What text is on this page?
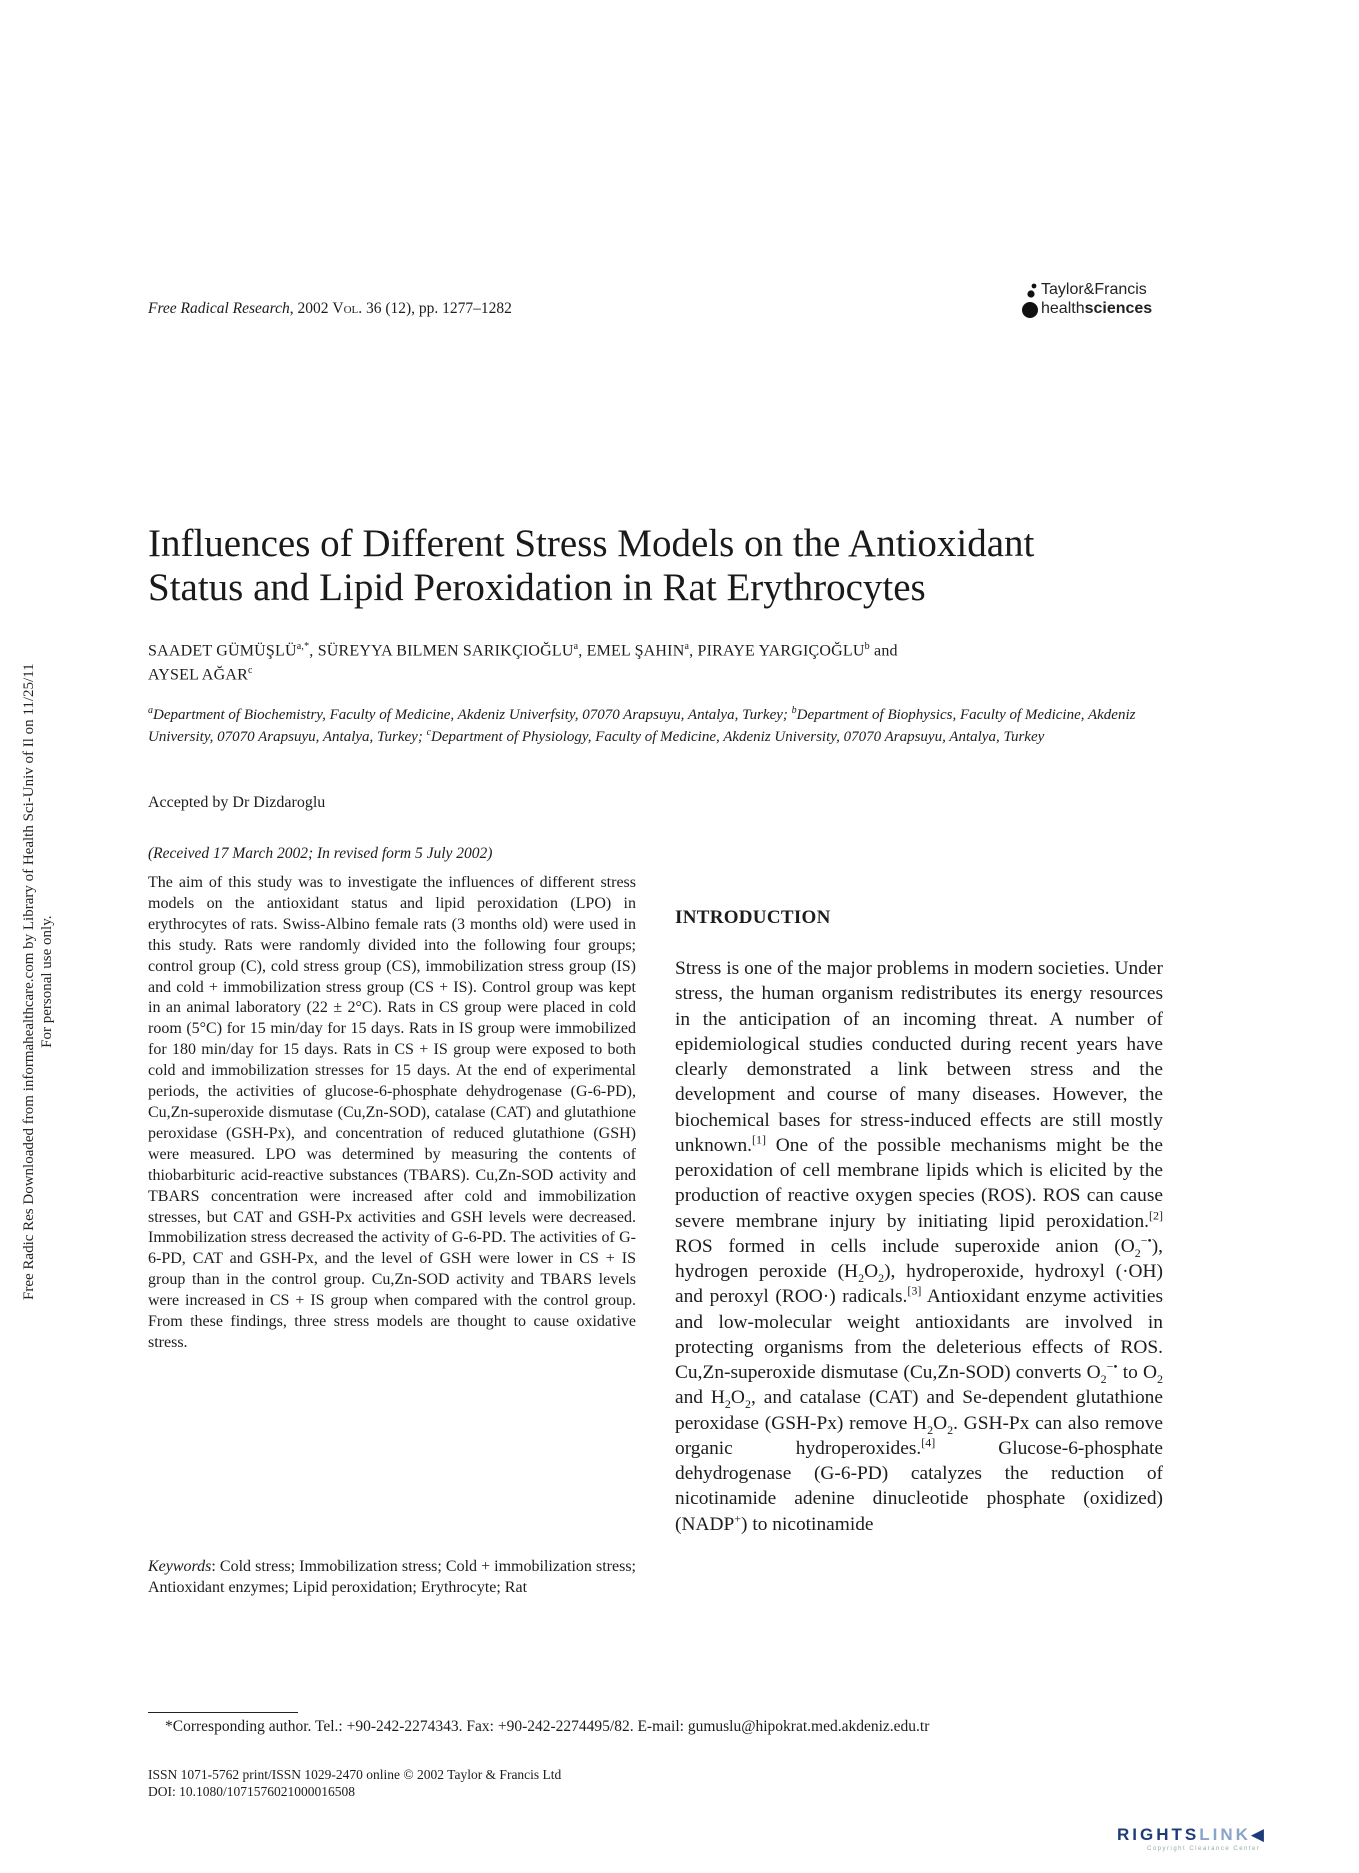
Free Radical Research, 2002 Vol. 36 (12), pp. 1277–1282
Taylor&Francis
healthsciences
Free Radic Res Downloaded from informahealthcare.com by Library of Health Sci-Univ of Il on 11/25/11 For personal use only.
Influences of Different Stress Models on the Antioxidant
Status and Lipid Peroxidation in Rat Erythrocytes
SAADET $GÜMÜŞLÜ^{a,*}$, SÜREYYA BILMEN SARIKÇIOĞLU$^a$, EMEL ŞAHIN$^a$, PIRAYE YARGIÇOĞLU$^b$ and
AYSEL AĞAR$^c$
$^a$Department of Biochemistry, Faculty of Medicine, Akdeniz Univerfsity, 07070 Arapsuyu, Antalya, Turkey; $^b$Department of Biophysics, Faculty of Medicine, Akdeniz University, 07070 Arapsuyu, Antalya, Turkey; $^c$Department of Physiology, Faculty of Medicine, Akdeniz University, 07070 Arapsuyu, Antalya, Turkey
Accepted by Dr Dizdaroglu
(Received 17 March 2002; In revised form 5 July 2002)
The aim of this study was to investigate the influences of different stress models on the antioxidant status and lipid peroxidation (LPO) in erythrocytes of rats. Swiss-Albino female rats (3 months old) were used in this study. Rats were randomly divided into the following four groups; control group (C), cold stress group (CS), immobilization stress group (IS) and cold + immobilization stress group (CS + IS). Control group was kept in an animal laboratory (22 ± 2°C). Rats in CS group were placed in cold room (5°C) for 15 min/day for 15 days. Rats in IS group were immobilized for 180 min/day for 15 days. Rats in CS + IS group were exposed to both cold and immobilization stresses for 15 days. At the end of experimental periods, the activities of glucose-6-phosphate dehydrogenase (G-6-PD), Cu,Zn-superoxide dismutase (Cu,Zn-SOD), catalase (CAT) and glutathione peroxidase (GSH-Px), and concentration of reduced glutathione (GSH) were measured. LPO was determined by measuring the contents of thiobarbituric acid-reactive substances (TBARS). Cu,Zn-SOD activity and TBARS concentration were increased after cold and immobilization stresses, but CAT and GSH-Px activities and GSH levels were decreased. Immobilization stress decreased the activity of G-6-PD. The activities of G-6-PD, CAT and GSH-Px, and the level of GSH were lower in CS + IS group than in the control group. Cu,Zn-SOD activity and TBARS levels were increased in CS + IS group when compared with the control group. From these findings, three stress models are thought to cause oxidative stress.
Keywords: Cold stress; Immobilization stress; Cold + immobilization stress; Antioxidant enzymes; Lipid peroxidation; Erythrocyte; Rat
INTRODUCTION
Stress is one of the major problems in modern societies. Under stress, the human organism redistributes its energy resources in the anticipation of an incoming threat. A number of epidemiological studies conducted during recent years have clearly demonstrated a link between stress and the development and course of many diseases. However, the biochemical bases for stress-induced effects are still mostly unknown.[1] One of the possible mechanisms might be the peroxidation of cell membrane lipids which is elicited by the production of reactive oxygen species (ROS). ROS can cause severe membrane injury by initiating lipid peroxidation.[2] ROS formed in cells include superoxide anion $(O_2^{-•})$, hydrogen peroxide $(H_2O_2)$, hydroperoxide, hydroxyl (·OH) and peroxyl (ROO·) radicals.[3] Antioxidant enzyme activities and low-molecular weight antioxidants are involved in protecting organisms from the deleterious effects of ROS. Cu,Zn-superoxide dismutase (Cu,Zn-SOD) converts $O_2^{-•}$ to $O_2$ and $H_2O_2$, and catalase (CAT) and Se-dependent glutathione peroxidase (GSH-Px) remove $H_2O_2$. GSH-Px can also remove organic hydroperoxides.[4] Glucose-6-phosphate dehydrogenase (G-6-PD) catalyzes the reduction of nicotinamide adenine dinucleotide phosphate (oxidized) (NADP+) to nicotinamide
*Corresponding author. Tel.: +90-242-2274343. Fax: +90-242-2274495/82. E-mail: gumuslu@hipokrat.med.akdeniz.edu.tr
ISSN 1071-5762 print/ISSN 1029-2470 online © 2002 Taylor & Francis Ltd
DOI: 10.1080/1071576021000016508
RIGHTSLINK◀
Copyright Clearance Center
